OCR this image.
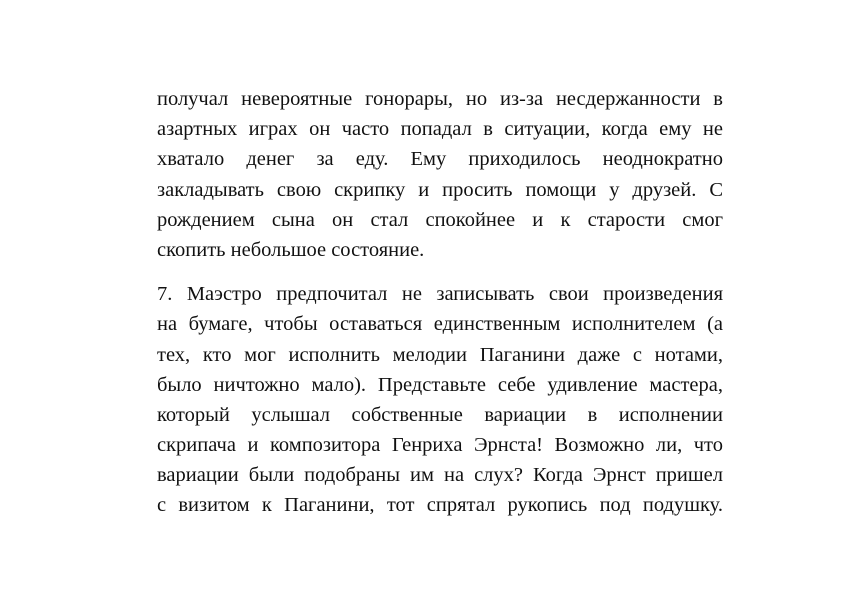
получал невероятные гонорары, но из-за несдержанности в
азартных играх он часто попадал в ситуации, когда ему не
хватало денег за еду. Ему приходилось неоднократно
закладывать свою скрипку и просить помощи у друзей. С
рождением сына он стал спокойнее и к старости смог
скопить небольшое состояние.
7. Маэстро предпочитал не записывать свои произведения
на бумаге, чтобы оставаться единственным исполнителем (а
тех, кто мог исполнить мелодии Паганини даже с нотами,
было ничтожно мало). Представьте себе удивление мастера,
который услышал собственные вариации в исполнении
скрипача и композитора Генриха Эрнста! Возможно ли, что
вариации были подобраны им на слух? Когда Эрнст пришел
с визитом к Паганини, тот спрятал рукопись под подушку.
